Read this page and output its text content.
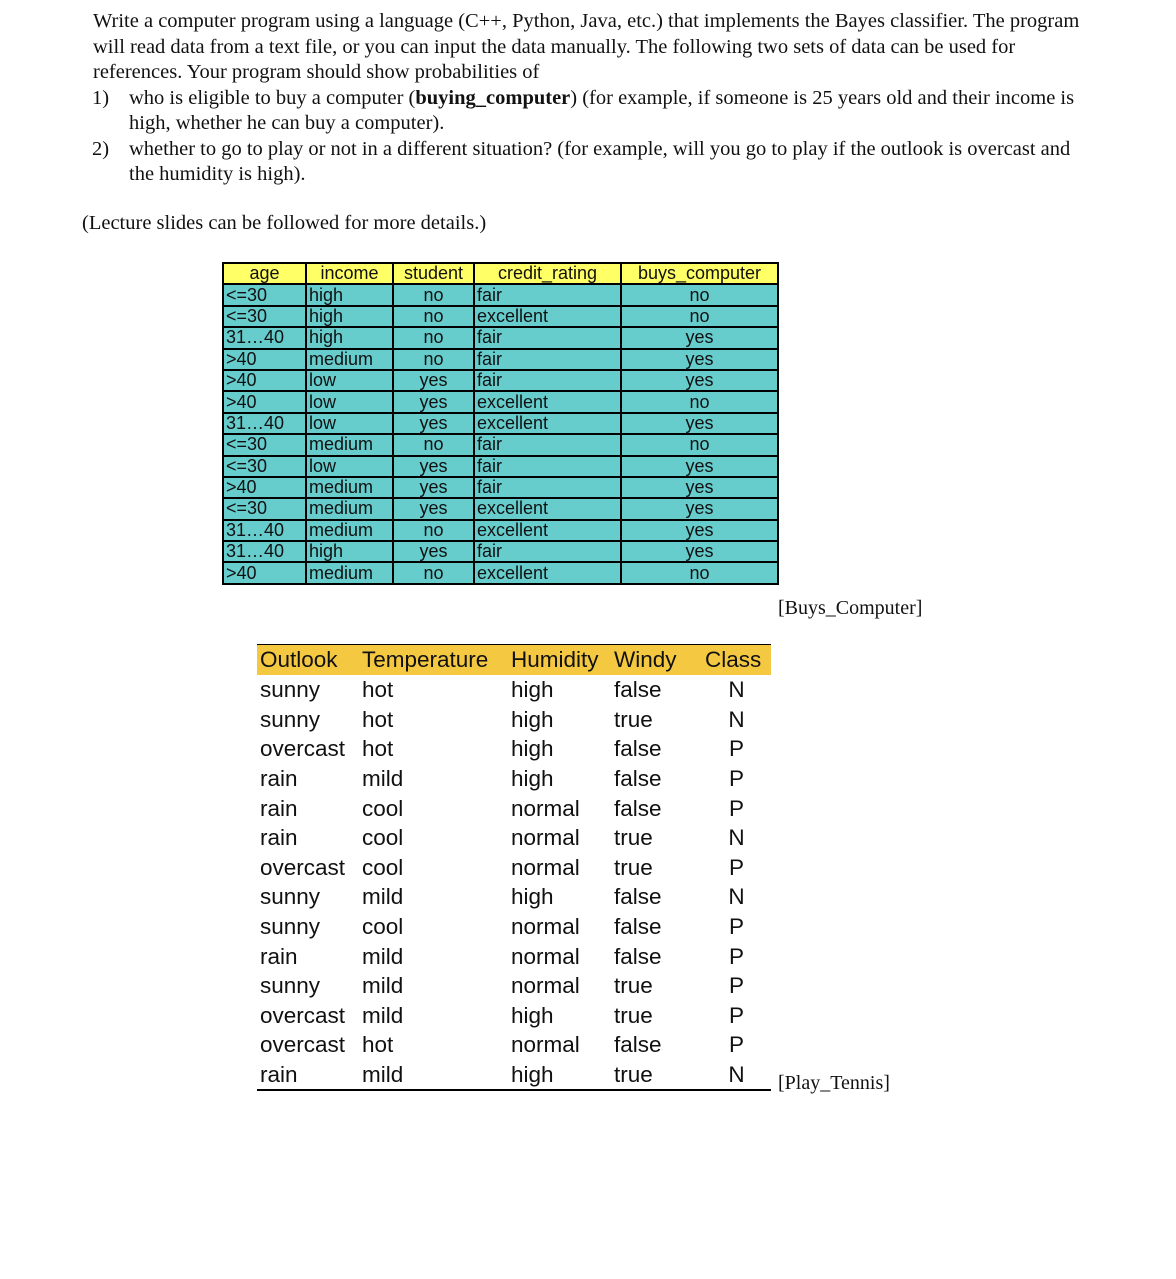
Write a computer program using a language (C++, Python, Java, etc.) that implements the Bayes classifier. The program will read data from a text file, or you can input the data manually. The following two sets of data can be used for references. Your program should show probabilities of

1) who is eligible to buy a computer (buying_computer) (for example, if someone is 25 years old and their income is high, whether he can buy a computer).
2) whether to go to play or not in a different situation? (for example, will you go to play if the outlook is overcast and the humidity is high).
(Lecture slides can be followed for more details.)
age	income	student	credit_rating	buys_computer
<=30	high	no	fair	no
<=30	high	no	excellent	no
31…40	high	no	fair	yes
>40	medium	no	fair	yes
>40	low	yes	fair	yes
>40	low	yes	excellent	no
31…40	low	yes	excellent	yes
<=30	medium	no	fair	no
<=30	low	yes	fair	yes
>40	medium	yes	fair	yes
<=30	medium	yes	excellent	yes
31…40	medium	no	excellent	yes
31…40	high	yes	fair	yes
>40	medium	no	excellent	no
[Buys_Computer]
Outlook	Temperature	Humidity	Windy	Class
sunny	hot	high	false	N
sunny	hot	high	true	N
overcast	hot	high	false	P
rain	mild	high	false	P
rain	cool	normal	false	P
rain	cool	normal	true	N
overcast	cool	normal	true	P
sunny	mild	high	false	N
sunny	cool	normal	false	P
rain	mild	normal	false	P
sunny	mild	normal	true	P
overcast	mild	high	true	P
overcast	hot	normal	false	P
rain	mild	high	true	N [Play_Tennis]
